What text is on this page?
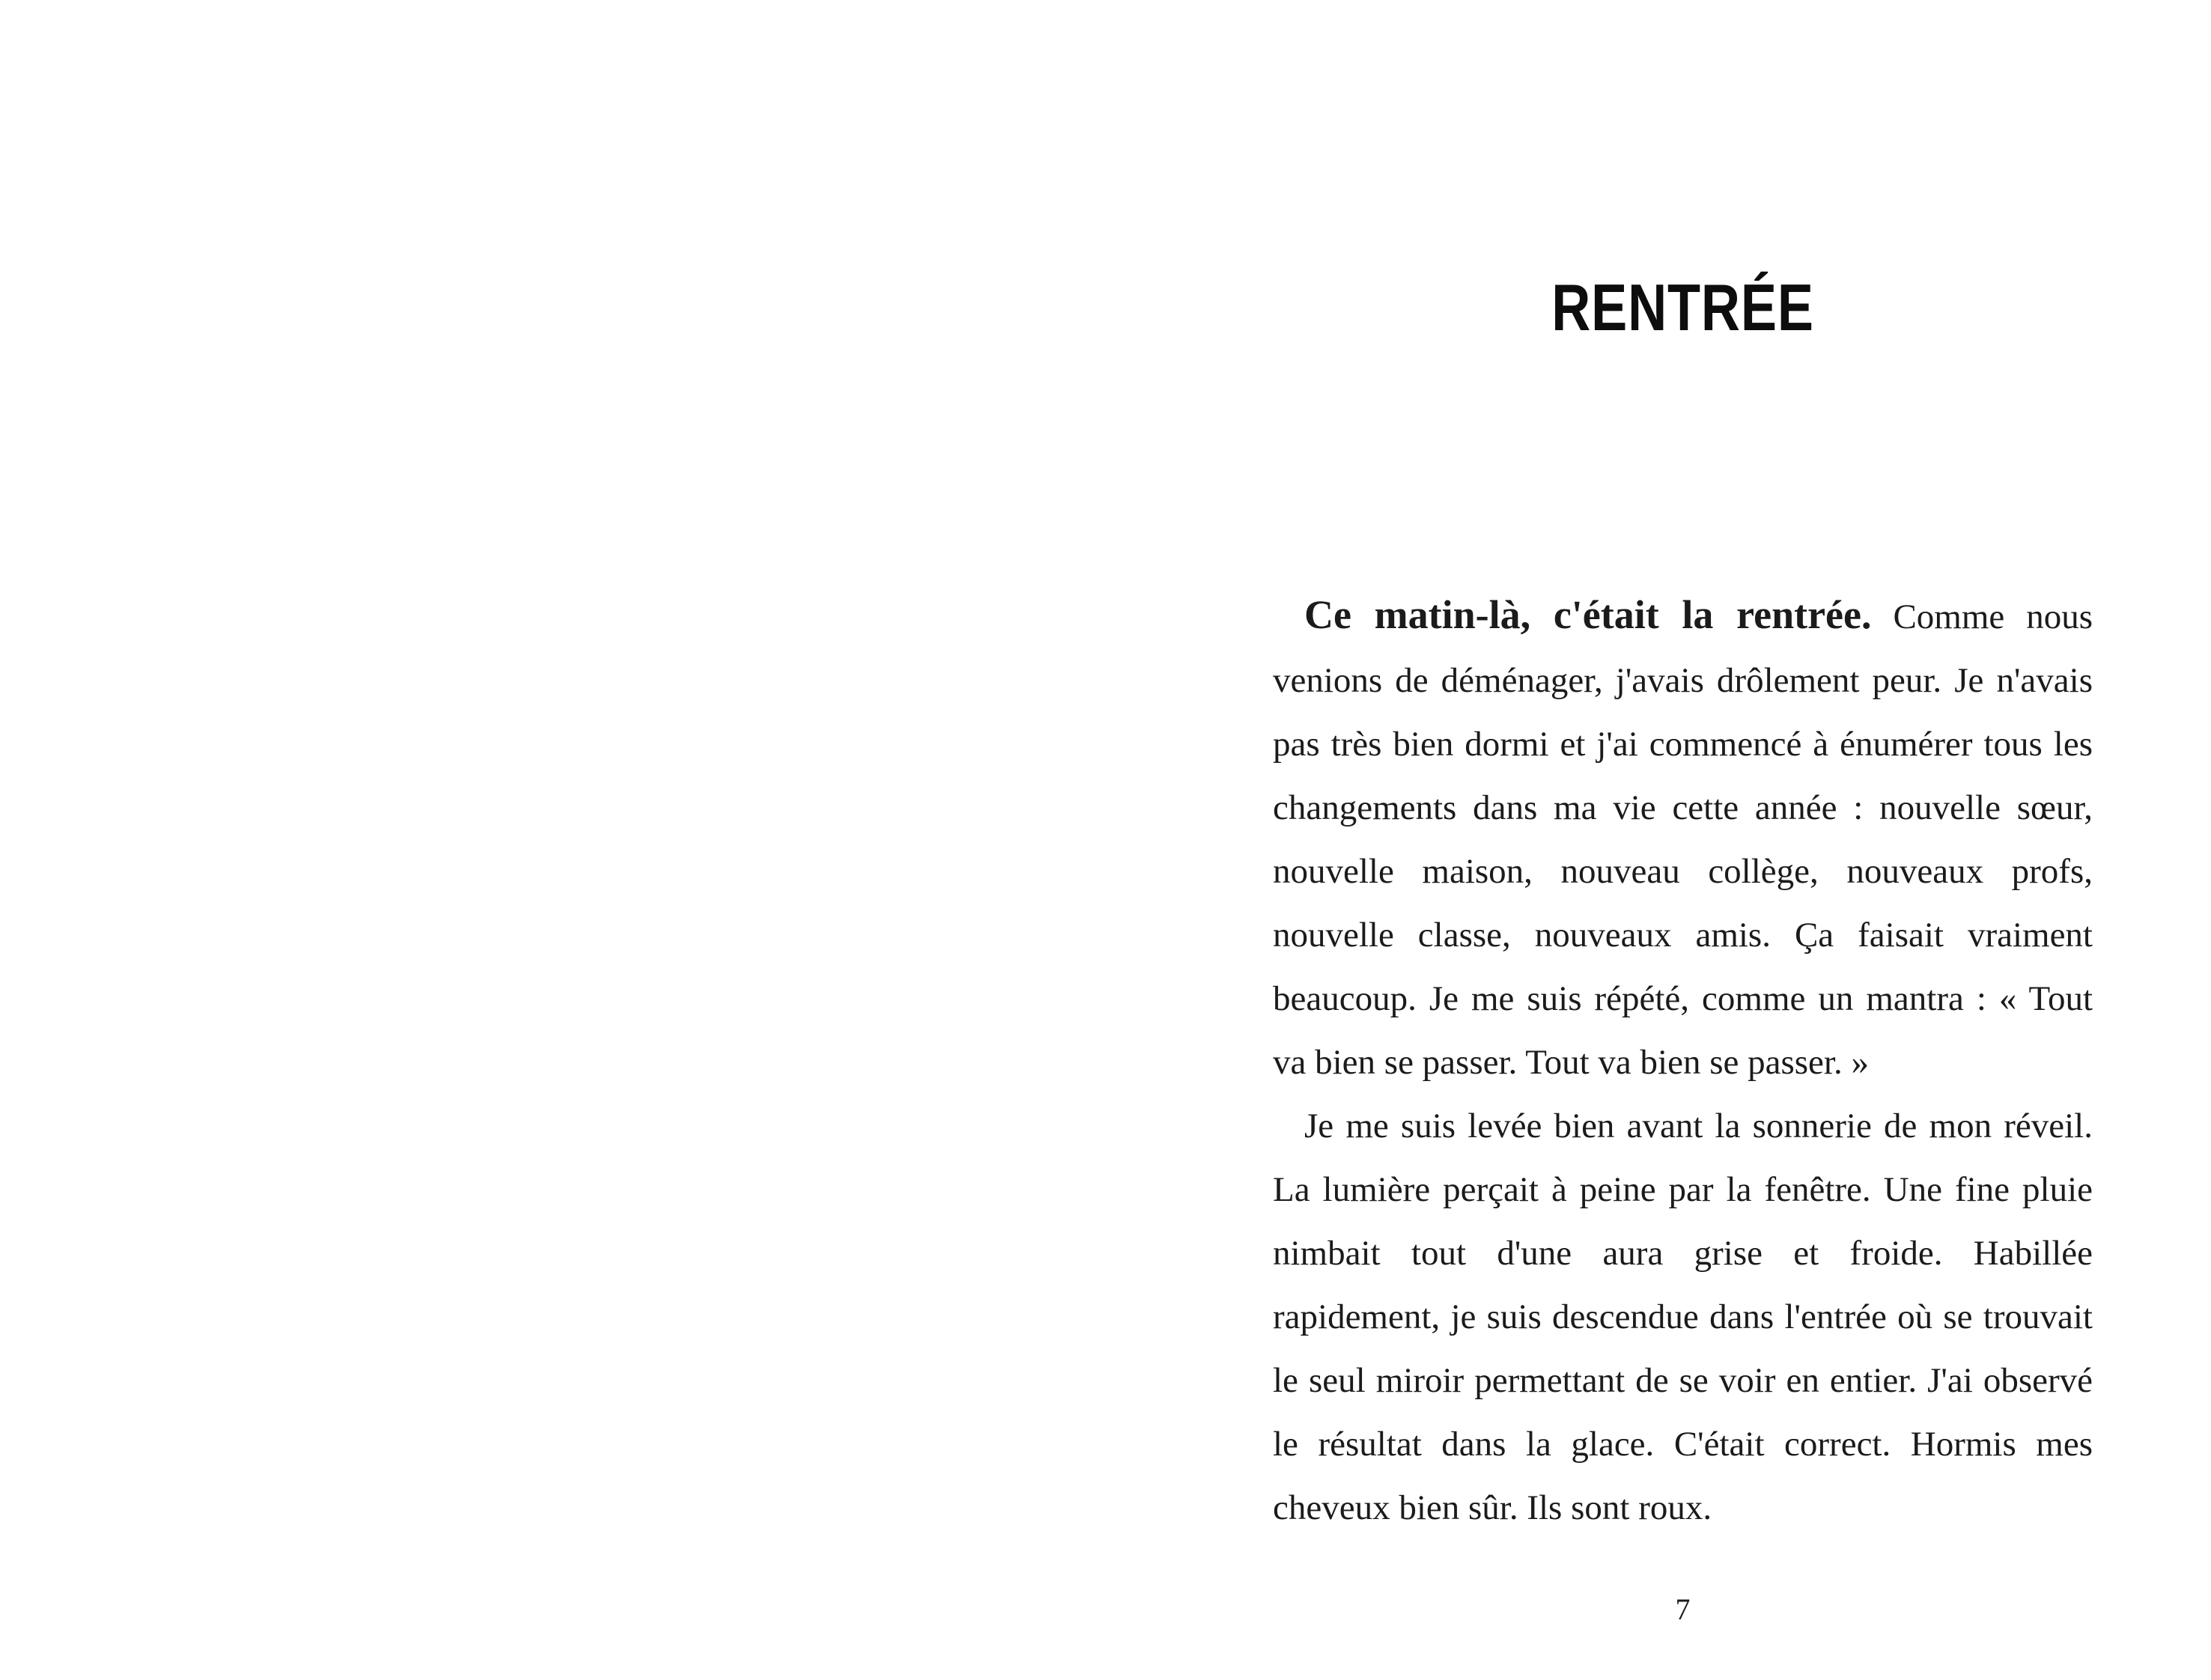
RENTRÉE

Ce matin-là, c'était la rentrée. Comme nous venions de déménager, j'avais drôlement peur. Je n'avais pas très bien dormi et j'ai commencé à énumérer tous les changements dans ma vie cette année : nouvelle sœur, nouvelle maison, nouveau collège, nouveaux profs, nouvelle classe, nouveaux amis. Ça faisait vraiment beaucoup. Je me suis répété, comme un mantra : « Tout va bien se passer. Tout va bien se passer. »

Je me suis levée bien avant la sonnerie de mon réveil. La lumière perçait à peine par la fenêtre. Une fine pluie nimbait tout d'une aura grise et froide. Habillée rapidement, je suis descendue dans l'entrée où se trouvait le seul miroir permettant de se voir en entier. J'ai observé le résultat dans la glace. C'était correct. Hormis mes cheveux bien sûr. Ils sont roux.

7
